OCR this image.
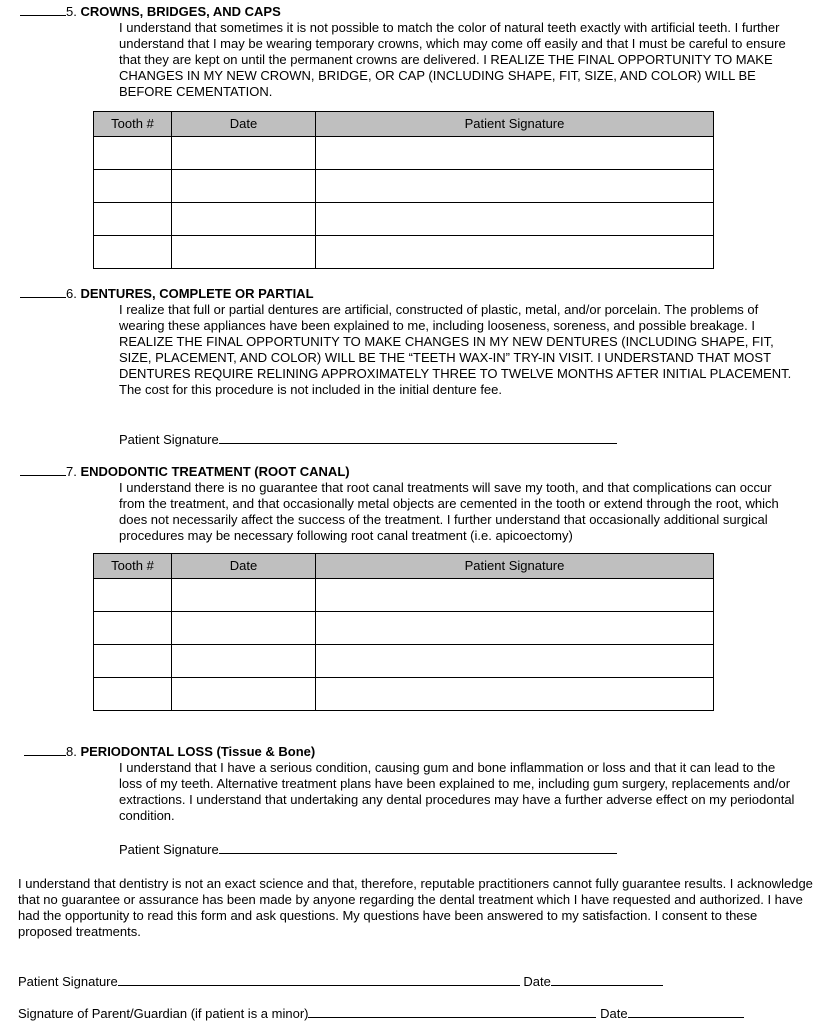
5. CROWNS, BRIDGES, AND CAPS

I understand that sometimes it is not possible to match the color of natural teeth exactly with artificial teeth. I further understand that I may be wearing temporary crowns, which may come off easily and that I must be careful to ensure that they are kept on until the permanent crowns are delivered. I REALIZE THE FINAL OPPORTUNITY TO MAKE CHANGES IN MY NEW CROWN, BRIDGE, OR CAP (INCLUDING SHAPE, FIT, SIZE, AND COLOR) WILL BE BEFORE CEMENTATION.

Tooth #	Date	Patient Signature

6. DENTURES, COMPLETE OR PARTIAL

I realize that full or partial dentures are artificial, constructed of plastic, metal, and/or porcelain. The problems of wearing these appliances have been explained to me, including looseness, soreness, and possible breakage. I REALIZE THE FINAL OPPORTUNITY TO MAKE CHANGES IN MY NEW DENTURES (INCLUDING SHAPE, FIT, SIZE, PLACEMENT, AND COLOR) WILL BE THE “TEETH WAX-IN” TRY-IN VISIT. I UNDERSTAND THAT MOST DENTURES REQUIRE RELINING APPROXIMATELY THREE TO TWELVE MONTHS AFTER INITIAL PLACEMENT. The cost for this procedure is not included in the initial denture fee.

Patient Signature
7. ENDODONTIC TREATMENT (ROOT CANAL)

I understand there is no guarantee that root canal treatments will save my tooth, and that complications can occur from the treatment, and that occasionally metal objects are cemented in the tooth or extend through the root, which does not necessarily affect the success of the treatment. I further understand that occasionally additional surgical procedures may be necessary following root canal treatment (i.e. apicoectomy)

Tooth #	Date	Patient Signature

8. PERIODONTAL LOSS (Tissue & Bone)

I understand that I have a serious condition, causing gum and bone inflammation or loss and that it can lead to the loss of my teeth. Alternative treatment plans have been explained to me, including gum surgery, replacements and/or extractions. I understand that undertaking any dental procedures may have a further adverse effect on my periodontal condition.

Patient Signature

I understand that dentistry is not an exact science and that, therefore, reputable practitioners cannot fully guarantee results. I acknowledge that no guarantee or assurance has been made by anyone regarding the dental treatment which I have requested and authorized. I have had the opportunity to read this form and ask questions. My questions have been answered to my satisfaction. I consent to these proposed treatments.

Patient Signature	Date
Signature of Parent/Guardian (if patient is a minor)	Date
